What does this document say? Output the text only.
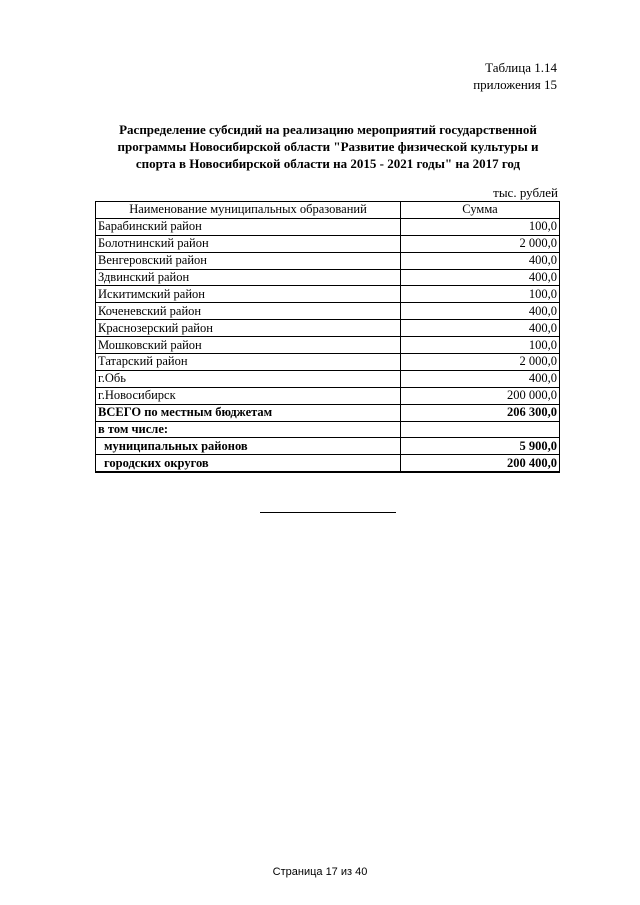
Таблица 1.14
приложения 15
Распределение субсидий на реализацию мероприятий государственной
программы Новосибирской области "Развитие физической культуры и
спорта в Новосибирской области на 2015 - 2021 годы" на 2017 год
тыс. рублей
Наименование муниципальных образований	Сумма
Барабинский район	100,0
Болотнинский район	2 000,0
Венгеровский район	400,0
Здвинский район	400,0
Искитимский район	100,0
Коченевский район	400,0
Краснозерский район	400,0
Мошковский район	100,0
Татарский район	2 000,0
г.Обь	400,0
г.Новосибирск	200 000,0
ВСЕГО по местным бюджетам	206 300,0
в том числе:	
муниципальных районов	5 900,0
городских округов	200 400,0
Страница 17 из 40
